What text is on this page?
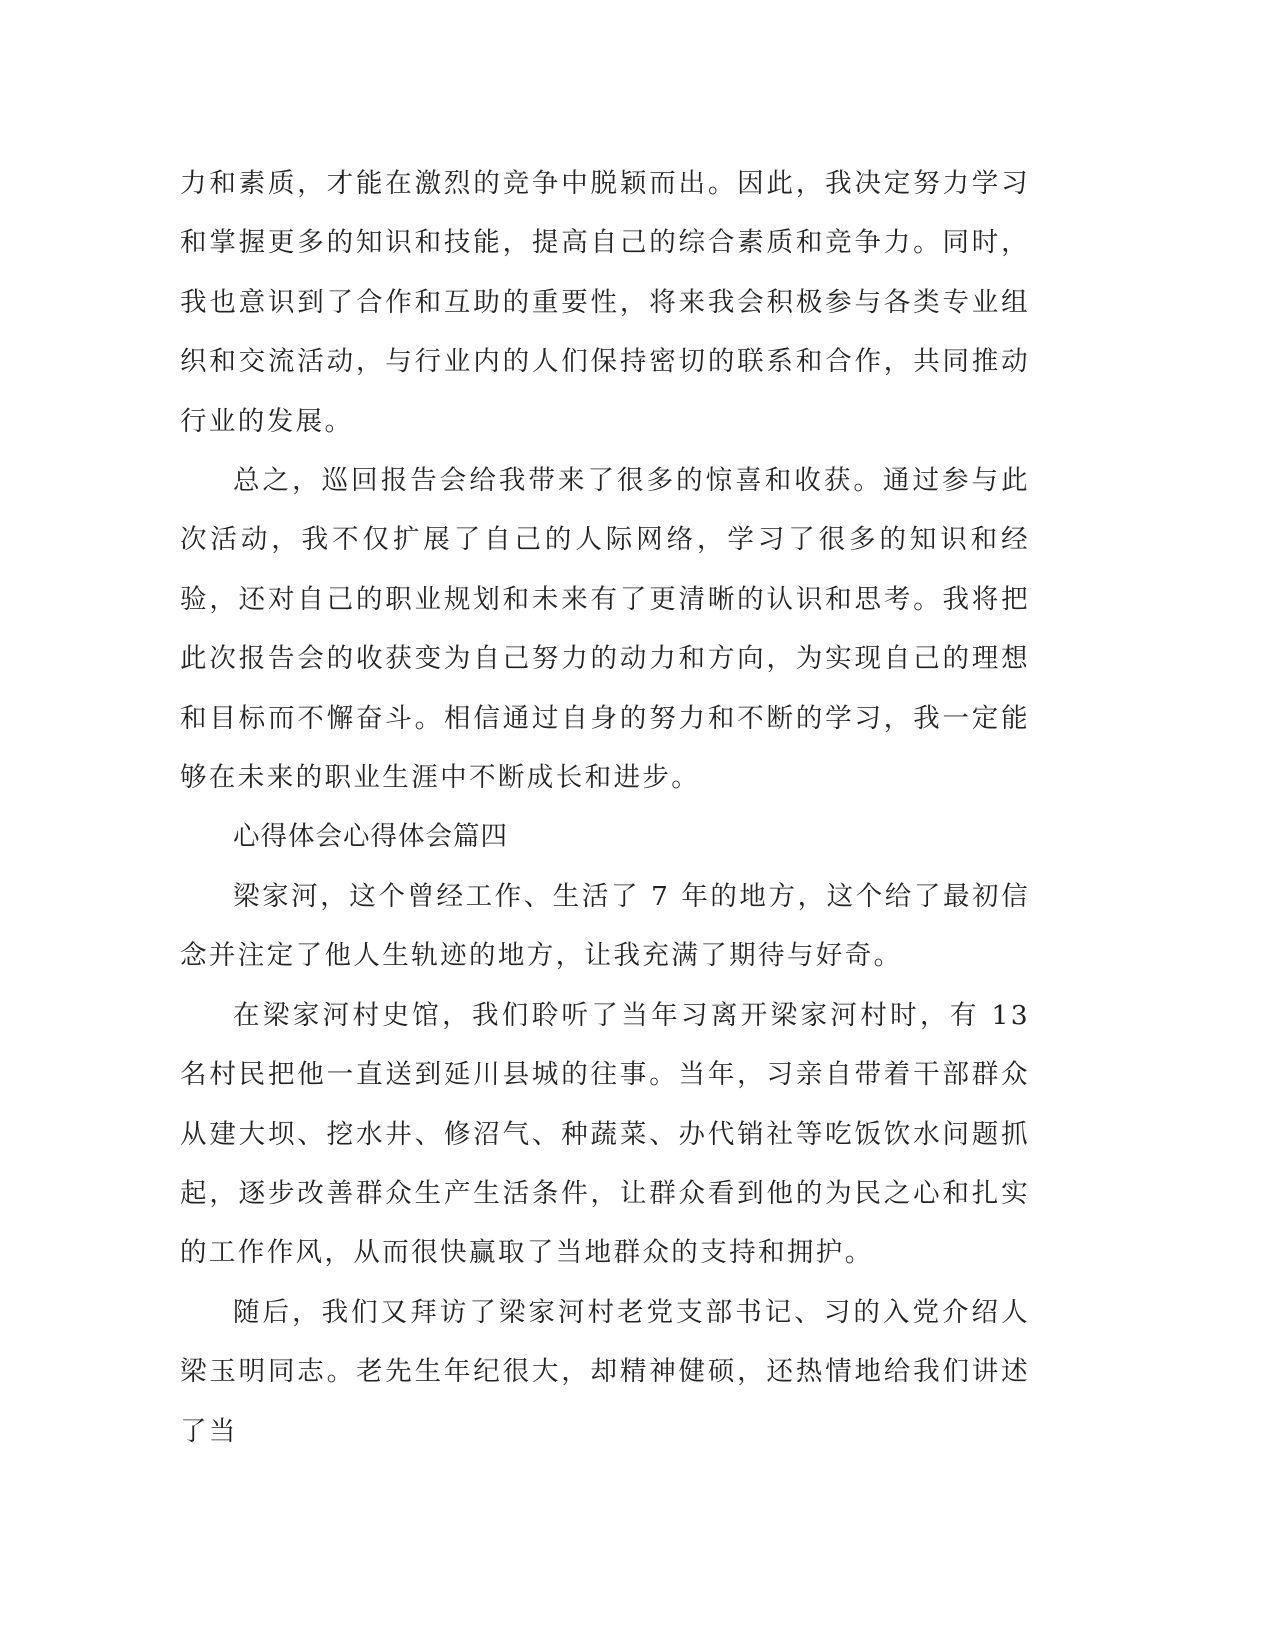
力和素质，才能在激烈的竞争中脱颖而出。因此，我决定努力学习和掌握更多的知识和技能，提高自己的综合素质和竞争力。同时，我也意识到了合作和互助的重要性，将来我会积极参与各类专业组织和交流活动，与行业内的人们保持密切的联系和合作，共同推动行业的发展。

总之，巡回报告会给我带来了很多的惊喜和收获。通过参与此次活动，我不仅扩展了自己的人际网络，学习了很多的知识和经验，还对自己的职业规划和未来有了更清晰的认识和思考。我将把此次报告会的收获变为自己努力的动力和方向，为实现自己的理想和目标而不懈奋斗。相信通过自身的努力和不断的学习，我一定能够在未来的职业生涯中不断成长和进步。

心得体会心得体会篇四

梁家河，这个曾经工作、生活了 7 年的地方，这个给了最初信念并注定了他人生轨迹的地方，让我充满了期待与好奇。

在梁家河村史馆，我们聆听了当年习离开梁家河村时，有 13 名村民把他一直送到延川县城的往事。当年，习亲自带着干部群众从建大坝、挖水井、修沼气、种蔬菜、办代销社等吃饭饮水问题抓起，逐步改善群众生产生活条件，让群众看到他的为民之心和扎实的工作作风，从而很快赢取了当地群众的支持和拥护。

随后，我们又拜访了梁家河村老党支部书记、习的入党介绍人梁玉明同志。老先生年纪很大，却精神健硕，还热情地给我们讲述了当
